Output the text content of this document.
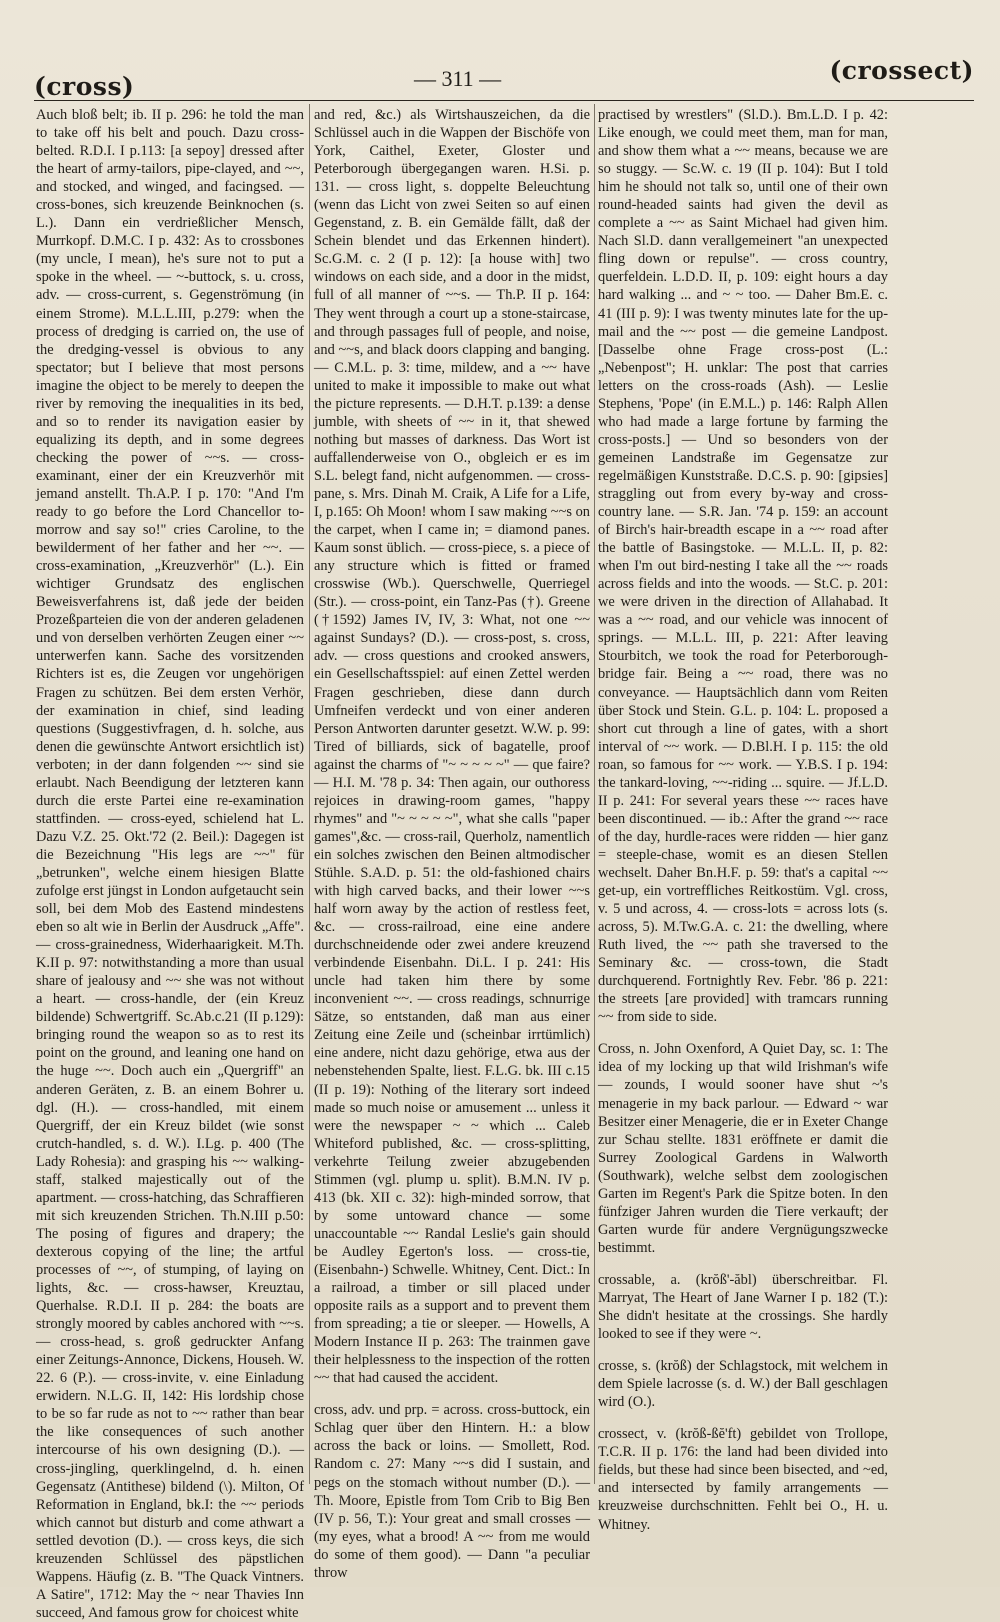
(cross)	— 311 —	(crossect)

Auch bloß belt; ib. II p. 296: he told the man to take off his belt and pouch. Dazu cross-belted. R.D.I. I p.113: [a sepoy] dressed after the heart of army-tailors, pipe-clayed, and ~~, and stocked, and winged, and facingsed. — cross-bones, sich kreuzende Beinknochen (s. L.). Dann ein verdrießlicher Mensch, Murrkopf. D.M.C. I p. 432: As to crossbones (my uncle, I mean), he's sure not to put a spoke in the wheel. — ~-buttock, s. u. cross, adv. — cross-current, s. Gegenströmung (in einem Strome). M.L.L.III, p.279: when the process of dredging is carried on, the use of the dredging-vessel is obvious to any spectator; but I believe that most persons imagine the object to be merely to deepen the river by removing the inequalities in its bed, and so to render its navigation easier by equalizing its depth, and in some degrees checking the power of ~~s. — cross-examinant, einer der ein Kreuzverhör mit jemand anstellt. Th.A.P. I p. 170: "And I'm ready to go before the Lord Chancellor to-morrow and say so!" cries Caroline, to the bewilderment of her father and her ~~. — cross-examination, „Kreuzverhör" (L.). Ein wichtiger Grundsatz des englischen Beweisverfahrens ist, daß jede der beiden Prozeßparteien die von der anderen geladenen und von derselben verhörten Zeugen einer ~~ unterwerfen kann. Sache des vorsitzenden Richters ist es, die Zeugen vor ungehörigen Fragen zu schützen. Bei dem ersten Verhör, der examination in chief, sind leading questions (Suggestivfragen, d. h. solche, aus denen die gewünschte Antwort ersichtlich ist) verboten; in der dann folgenden ~~ sind sie erlaubt. Nach Beendigung der letzteren kann durch die erste Partei eine re-examination stattfinden. — cross-eyed, schielend hat L. Dazu V.Z. 25. Okt.'72 (2. Beil.): Dagegen ist die Bezeichnung "His legs are ~~" für „betrunken", welche einem hiesigen Blatte zufolge erst jüngst in London aufgetaucht sein soll, bei dem Mob des Eastend mindestens eben so alt wie in Berlin der Ausdruck „Affe". — cross-grainedness, Widerhaarigkeit. M.Th. K.II p. 97: notwithstanding a more than usual share of jealousy and ~~ she was not without a heart. — cross-handle, der (ein Kreuz bildende) Schwertgriff. Sc.Ab.c.21 (II p.129): bringing round the weapon so as to rest its point on the ground, and leaning one hand on the huge ~~. Doch auch ein „Quergriff" an anderen Geräten, z. B. an einem Bohrer u. dgl. (H.). — cross-handled, mit einem Quergriff, der ein Kreuz bildet (wie sonst crutch-handled, s. d. W.). I.Lg. p. 400 (The Lady Rohesia): and grasping his ~~ walking-staff, stalked majestically out of the apartment. — cross-hatching, das Schraffieren mit sich kreuzenden Strichen. Th.N.III p.50: The posing of figures and drapery; the dexterous copying of the line; the artful processes of ~~, of stumping, of laying on lights, &c. — cross-hawser, Kreuztau, Querhalse. R.D.I. II p. 284: the boats are strongly moored by cables anchored with ~~s. — cross-head, s. groß gedruckter Anfang einer Zeitungs-Annonce, Dickens, Househ. W. 22. 6 (P.). — cross-invite, v. eine Einladung erwidern. N.L.G. II, 142: His lordship chose to be so far rude as not to ~~ rather than bear the like consequences of such another intercourse of his own designing (D.). — cross-jingling, querklingelnd, d. h. einen Gegensatz (Antithese) bildend (\). Milton, Of Reformation in England, bk.I: the ~~ periods which cannot but disturb and come athwart a settled devotion (D.). — cross keys, die sich kreuzenden Schlüssel des päpstlichen Wappens. Häufig (z. B. "The Quack Vintners. A Satire", 1712: May the ~ near Thavies Inn succeed, And famous grow for choicest white

and red, &c.) als Wirtshauszeichen, da die Schlüssel auch in die Wappen der Bischöfe von York, Caithel, Exeter, Gloster und Peterborough übergegangen waren. H.Si. p. 131. — cross light, s. doppelte Beleuchtung (wenn das Licht von zwei Seiten so auf einen Gegenstand, z. B. ein Gemälde fällt, daß der Schein blendet und das Erkennen hindert). Sc.G.M. c. 2 (I p. 12): [a house with] two windows on each side, and a door in the midst, full of all manner of ~~s. — Th.P. II p. 164: They went through a court up a stone-staircase, and through passages full of people, and noise, and ~~s, and black doors clapping and banging. — C.M.L. p. 3: time, mildew, and a ~~ have united to make it impossible to make out what the picture represents. — D.H.T. p.139: a dense jumble, with sheets of ~~ in it, that shewed nothing but masses of darkness. Das Wort ist auffallenderweise von O., obgleich er es im S.L. belegt fand, nicht aufgenommen. — cross-pane, s. Mrs. Dinah M. Craik, A Life for a Life, I, p.165: Oh Moon! whom I saw making ~~s on the carpet, when I came in; = diamond panes. Kaum sonst üblich. — cross-piece, s. a piece of any structure which is fitted or framed crosswise (Wb.). Querschwelle, Querriegel (Str.). — cross-point, ein Tanz-Pas (†). Greene (†1592) James IV, IV, 3: What, not one ~~ against Sundays? (D.). — cross-post, s. cross, adv. — cross questions and crooked answers, ein Gesellschaftsspiel: auf einen Zettel werden Fragen geschrieben, diese dann durch Umfneifen verdeckt und von einer anderen Person Antworten darunter gesetzt. W.W. p. 99: Tired of billiards, sick of bagatelle, proof against the charms of "~ ~ ~ ~ ~" — que faire? — H.I. M. '78 p. 34: Then again, our outhoress rejoices in drawing-room games, "happy rhymes" and "~ ~ ~ ~ ~", what she calls "paper games",&c. — cross-rail, Querholz, namentlich ein solches zwischen den Beinen altmodischer Stühle. S.A.D. p. 51: the old-fashioned chairs with high carved backs, and their lower ~~s half worn away by the action of restless feet, &c. — cross-railroad, eine eine andere durchschneidende oder zwei andere kreuzend verbindende Eisenbahn. Di.L. I p. 241: His uncle had taken him there by some inconvenient ~~. — cross readings, schnurrige Sätze, so entstanden, daß man aus einer Zeitung eine Zeile und (scheinbar irrtümlich) eine andere, nicht dazu gehörige, etwa aus der nebenstehenden Spalte, liest. F.L.G. bk. III c.15 (II p. 19): Nothing of the literary sort indeed made so much noise or amusement ... unless it were the newspaper ~ ~ which ... Caleb Whiteford published, &c. — cross-splitting, verkehrte Teilung zweier abzugebenden Stimmen (vgl. plump u. split). B.M.N. IV p. 413 (bk. XII c. 32): high-minded sorrow, that by some untoward chance — some unaccountable ~~ Randal Leslie's gain should be Audley Egerton's loss. — cross-tie, (Eisenbahn-) Schwelle. Whitney, Cent. Dict.: In a railroad, a timber or sill placed under opposite rails as a support and to prevent them from spreading; a tie or sleeper. — Howells, A Modern Instance II p. 263: The trainmen gave their helplessness to the inspection of the rotten ~~ that had caused the accident.

cross, adv. und prp. = across. cross-buttock, ein Schlag quer über den Hintern. H.: a blow across the back or loins. — Smollett, Rod. Random c. 27: Many ~~s did I sustain, and pegs on the stomach without number (D.). — Th. Moore, Epistle from Tom Crib to Big Ben (IV p. 56, T.): Your great and small crosses — (my eyes, what a brood! A ~~ from me would do some of them good). — Dann "a peculiar throw

practised by wrestlers" (Sl.D.). Bm.L.D. I p. 42: Like enough, we could meet them, man for man, and show them what a ~~ means, because we are so stuggy. — Sc.W. c. 19 (II p. 104): But I told him he should not talk so, until one of their own round-headed saints had given the devil as complete a ~~ as Saint Michael had given him. Nach Sl.D. dann verallgemeinert "an unexpected fling down or repulse". — cross country, querfeldein. L.D.D. II, p. 109: eight hours a day hard walking ... and ~ ~ too. — Daher Bm.E. c. 41 (III p. 9): I was twenty minutes late for the up-mail and the ~~ post — die gemeine Landpost. [Dasselbe ohne Frage cross-post (L.: „Nebenpost"; H. unklar: The post that carries letters on the cross-roads (Ash). — Leslie Stephens, 'Pope' (in E.M.L.) p. 146: Ralph Allen who had made a large fortune by farming the cross-posts.] — Und so besonders von der gemeinen Landstraße im Gegensatze zur regelmäßigen Kunststraße. D.C.S. p. 90: [gipsies] straggling out from every by-way and cross-country lane. — S.R. Jan. '74 p. 159: an account of Birch's hair-breadth escape in a ~~ road after the battle of Basingstoke. — M.L.L. II, p. 82: when I'm out bird-nesting I take all the ~~ roads across fields and into the woods. — St.C. p. 201: we were driven in the direction of Allahabad. It was a ~~ road, and our vehicle was innocent of springs. — M.L.L. III, p. 221: After leaving Stourbitch, we took the road for Peterborough-bridge fair. Being a ~~ road, there was no conveyance. — Hauptsächlich dann vom Reiten über Stock und Stein. G.L. p. 104: L. proposed a short cut through a line of gates, with a short interval of ~~ work. — D.Bl.H. I p. 115: the old roan, so famous for ~~ work. — Y.B.S. I p. 194: the tankard-loving, ~~-riding ... squire. — Jf.L.D. II p. 241: For several years these ~~ races have been discontinued. — ib.: After the grand ~~ race of the day, hurdle-races were ridden — hier ganz = steeple-chase, womit es an diesen Stellen wechselt. Daher Bn.H.F. p. 59: that's a capital ~~ get-up, ein vortreffliches Reitkostüm. Vgl. cross, v. 5 und across, 4. — cross-lots = across lots (s. across, 5). M.Tw.G.A. c. 21: the dwelling, where Ruth lived, the ~~ path she traversed to the Seminary &c. — cross-town, die Stadt durchquerend. Fortnightly Rev. Febr. '86 p. 221: the streets [are provided] with tramcars running ~~ from side to side.

Cross, n. John Oxenford, A Quiet Day, sc. 1: The idea of my locking up that wild Irishman's wife — zounds, I would sooner have shut ~'s menagerie in my back parlour. — Edward ~ war Besitzer einer Menagerie, die er in Exeter Change zur Schau stellte. 1831 eröffnete er damit die Surrey Zoological Gardens in Walworth (Southwark), welche selbst dem zoologischen Garten im Regent's Park die Spitze boten. In den fünfziger Jahren wurden die Tiere verkauft; der Garten wurde für andere Vergnügungszwecke bestimmt.

crossable, a. (krŏß'-ăbl) überschreitbar. Fl. Marryat, The Heart of Jane Warner I p. 182 (T.): She didn't hesitate at the crossings. She hardly looked to see if they were ~.

crosse, s. (krŏß) der Schlagstock, mit welchem in dem Spiele lacrosse (s. d. W.) der Ball geschlagen wird (O.).

crossect, v. (krŏß-ßĕ'ft) gebildet von Trollope, T.C.R. II p. 176: the land had been divided into fields, but these had since been bisected, and ~ed, and intersected by family arrangements — kreuzweise durchschnitten. Fehlt bei O., H. u. Whitney.
